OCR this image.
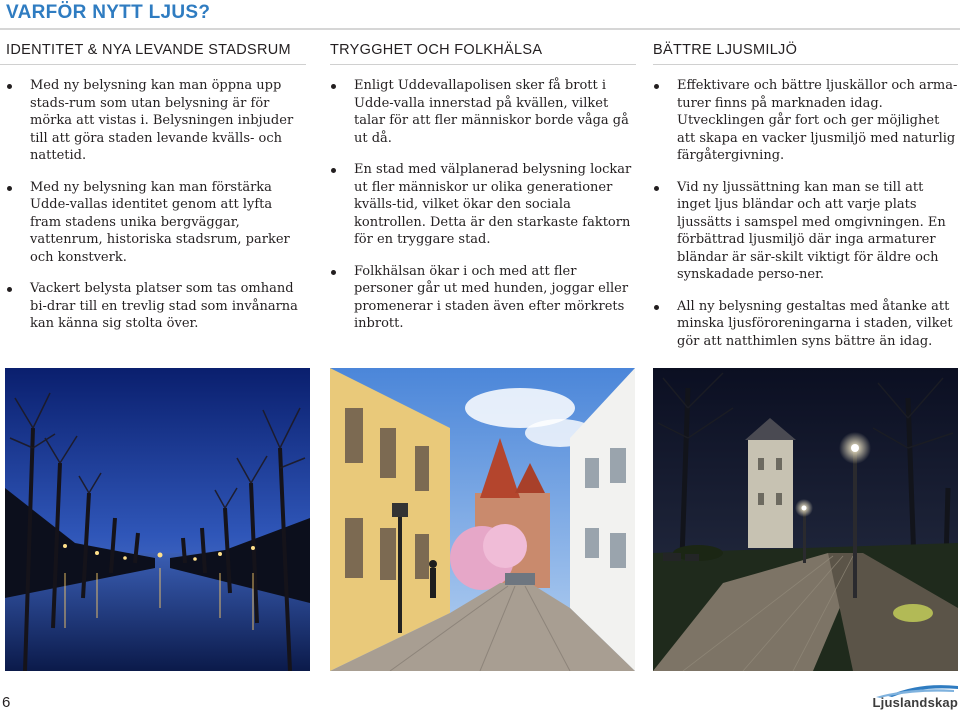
VARFÖR NYTT LJUS?
IDENTITET & NYA LEVANDE STADSRUM
Med ny belysning kan man öppna upp stads-rum som utan belysning är för mörka att vistas i. Belysningen inbjuder till att göra staden levande kvälls- och nattetid.
Med ny belysning kan man förstärka Udde-vallas identitet genom att lyfta fram stadens unika bergväggar, vattenrum, historiska stadsrum, parker och konstverk.
Vackert belysta platser som tas omhand bi-drar till en trevlig stad som invånarna kan känna sig stolta över.
TRYGGHET OCH FOLKHÄLSA
Enligt Uddevallapolisen sker få brott i Udde-valla innerstad på kvällen, vilket talar för att fler människor borde våga gå ut då.
En stad med välplanerad belysning lockar ut fler människor ur olika generationer kvälls-tid, vilket ökar den sociala kontrollen. Detta är den starkaste faktorn för en tryggare stad.
Folkhälsan ökar i och med att fler personer går ut med hunden, joggar eller promenerar i staden även efter mörkrets inbrott.
BÄTTRE LJUSMILJÖ
Effektivare och bättre ljuskällor och arma-turer finns på marknaden idag. Utvecklingen går fort och ger möjlighet att skapa en vacker ljusmiljö med naturlig färgåtergivning.
Vid ny ljussättning kan man se till att inget ljus bländar och att varje plats ljussätts i samspel med omgivningen. En förbättrad ljusmiljö där inga armaturer bländar är sär-skilt viktigt för äldre och synskadade perso-ner.
All ny belysning gestaltas med åtanke att minska ljusföroreningarna i staden, vilket gör att natthimlen syns bättre än idag.
6	Ljuslandskap
